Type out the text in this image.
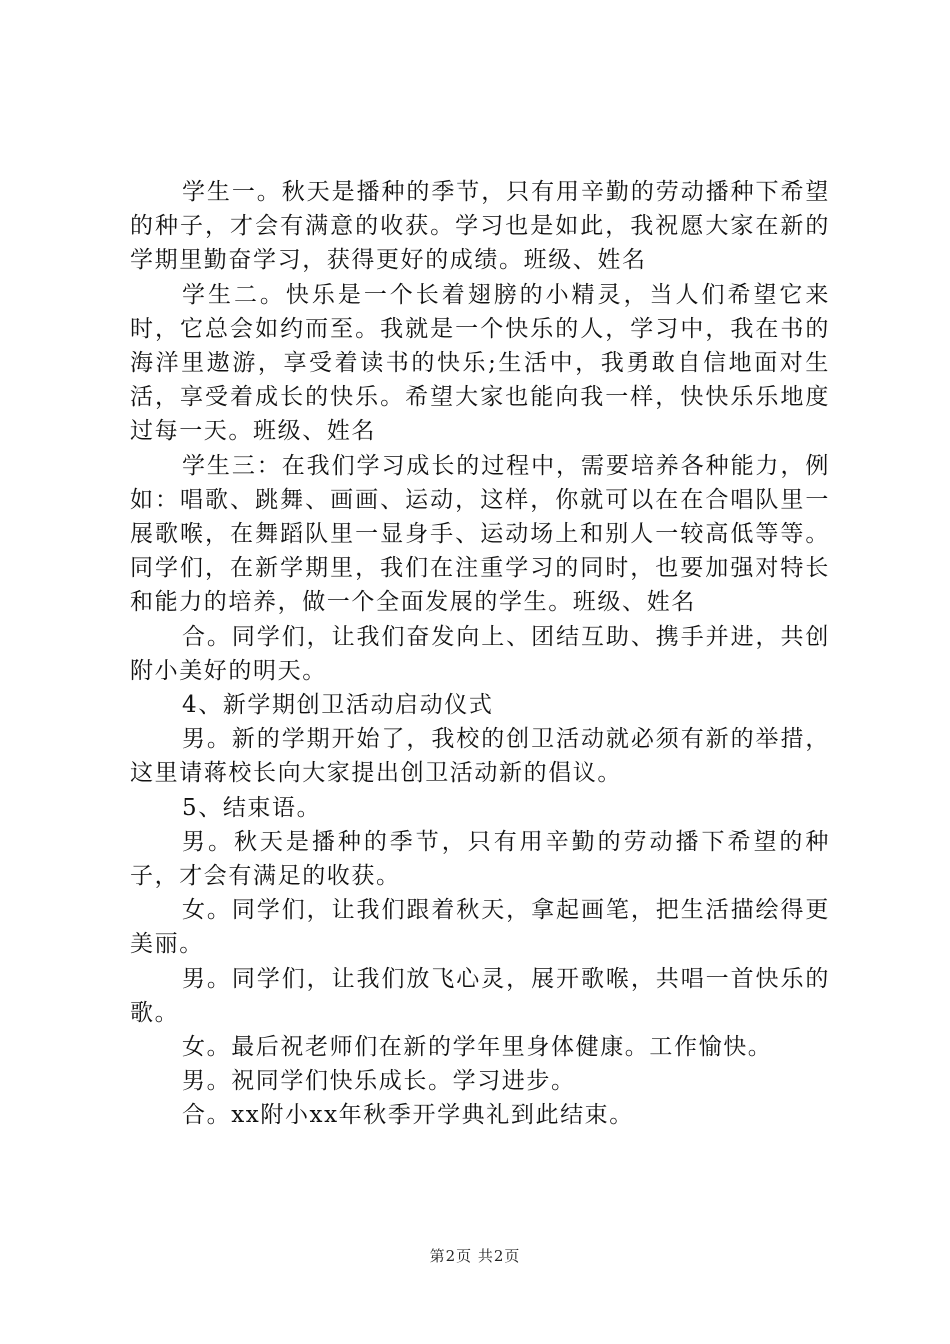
学生一。秋天是播种的季节，只有用辛勤的劳动播种下希望的种子，才会有满意的收获。学习也是如此，我祝愿大家在新的学期里勤奋学习，获得更好的成绩。班级、姓名

学生二。快乐是一个长着翅膀的小精灵，当人们希望它来时，它总会如约而至。我就是一个快乐的人，学习中，我在书的海洋里遨游，享受着读书的快乐;生活中，我勇敢自信地面对生活，享受着成长的快乐。希望大家也能向我一样，快快乐乐地度过每一天。班级、姓名

学生三：在我们学习成长的过程中，需要培养各种能力，例如：唱歌、跳舞、画画、运动，这样，你就可以在在合唱队里一展歌喉，在舞蹈队里一显身手、运动场上和别人一较高低等等。同学们，在新学期里，我们在注重学习的同时，也要加强对特长和能力的培养，做一个全面发展的学生。班级、姓名

合。同学们，让我们奋发向上、团结互助、携手并进，共创附小美好的明天。

4、新学期创卫活动启动仪式

男。新的学期开始了，我校的创卫活动就必须有新的举措，这里请蒋校长向大家提出创卫活动新的倡议。

5、结束语。

男。秋天是播种的季节，只有用辛勤的劳动播下希望的种子，才会有满足的收获。

女。同学们，让我们跟着秋天，拿起画笔，把生活描绘得更美丽。

男。同学们，让我们放飞心灵，展开歌喉，共唱一首快乐的歌。

女。最后祝老师们在新的学年里身体健康。工作愉快。

男。祝同学们快乐成长。学习进步。

合。xx附小xx年秋季开学典礼到此结束。

第2页 共2页
